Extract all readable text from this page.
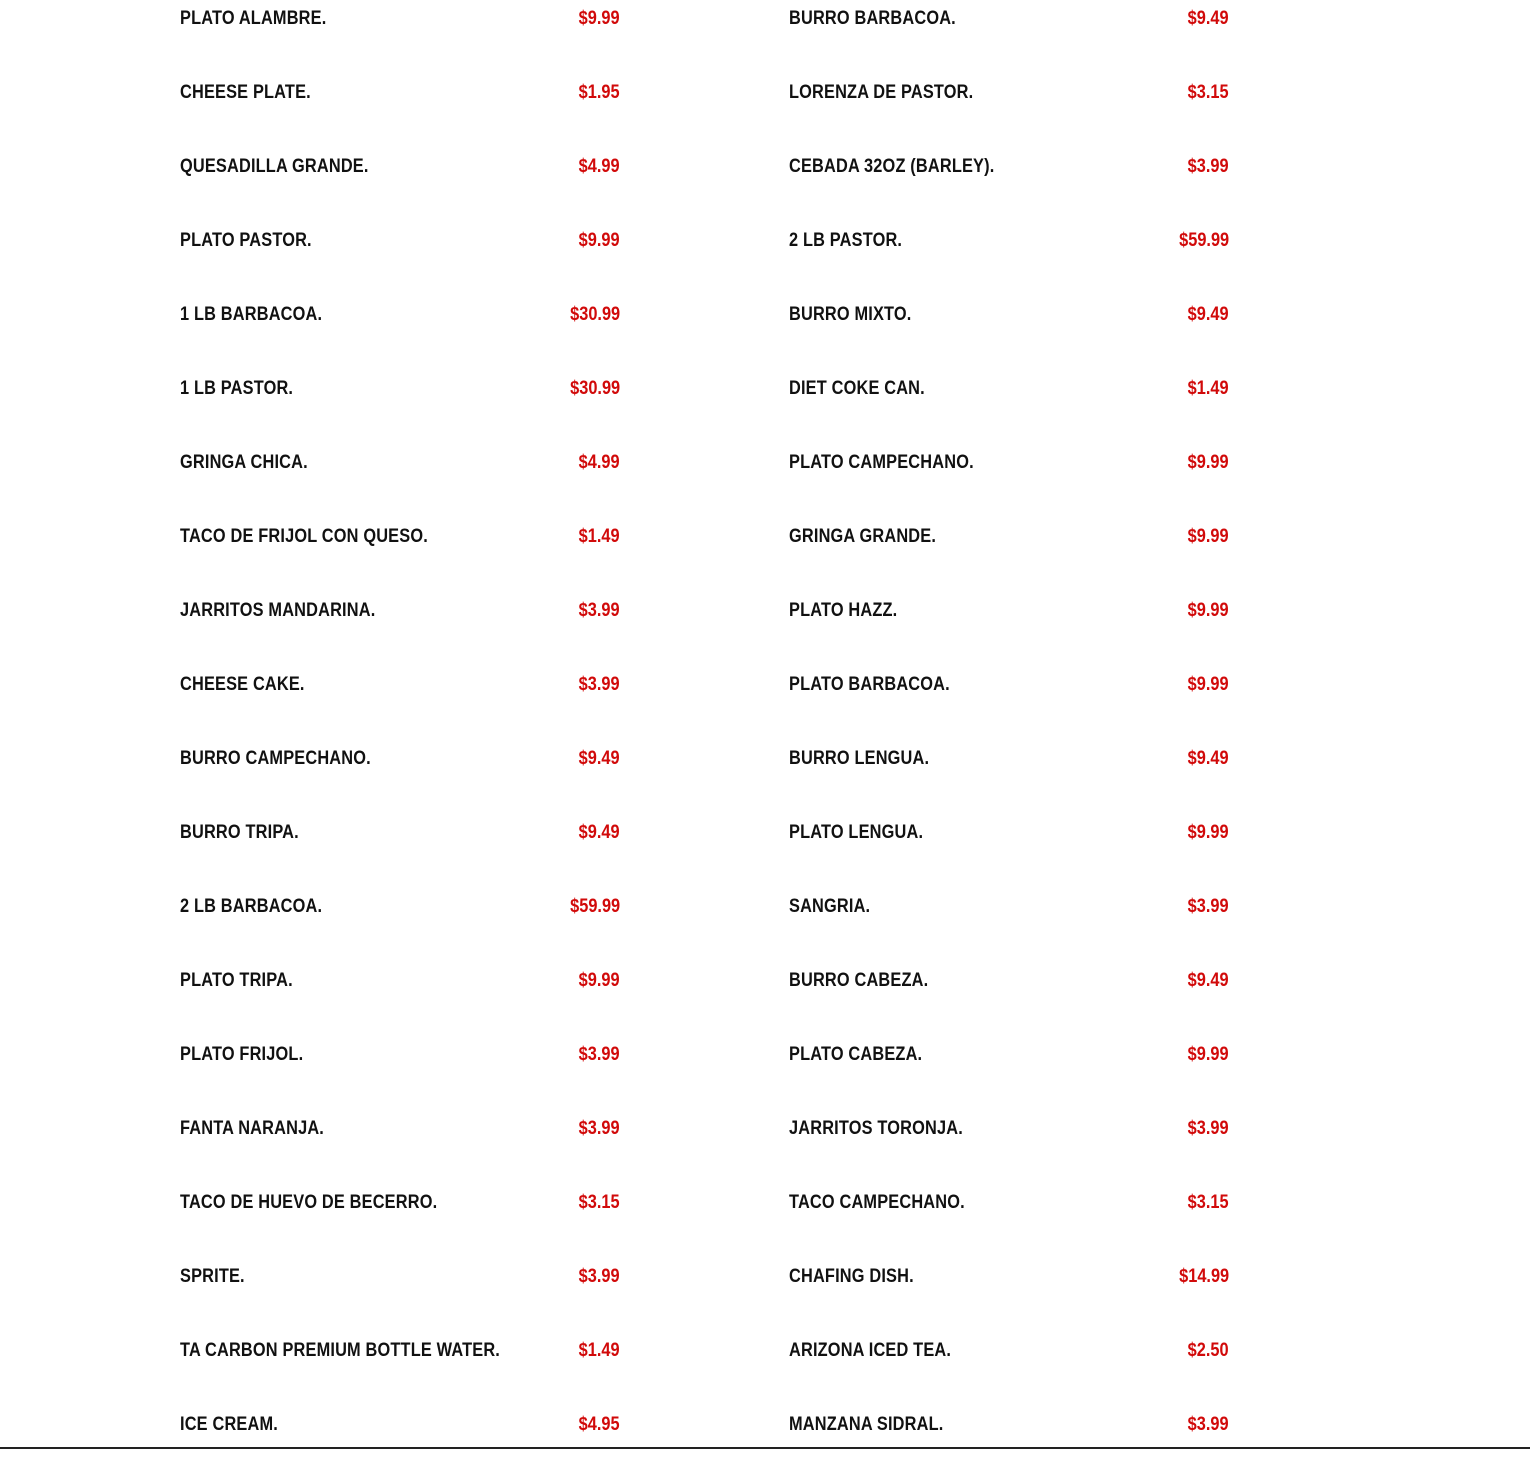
PLATO ALAMBRE.	$9.99
CHEESE PLATE.	$1.95
QUESADILLA GRANDE.	$4.99
PLATO PASTOR.	$9.99
1 LB BARBACOA.	$30.99
1 LB PASTOR.	$30.99
GRINGA CHICA.	$4.99
TACO DE FRIJOL CON QUESO.	$1.49
JARRITOS MANDARINA.	$3.99
CHEESE CAKE.	$3.99
BURRO CAMPECHANO.	$9.49
BURRO TRIPA.	$9.49
2 LB BARBACOA.	$59.99
PLATO TRIPA.	$9.99
PLATO FRIJOL.	$3.99
FANTA NARANJA.	$3.99
TACO DE HUEVO DE BECERRO.	$3.15
SPRITE.	$3.99
TA CARBON PREMIUM BOTTLE WATER.	$1.49
ICE CREAM.	$4.95
BURRO BARBACOA.	$9.49
LORENZA DE PASTOR.	$3.15
CEBADA 32OZ (BARLEY).	$3.99
2 LB PASTOR.	$59.99
BURRO MIXTO.	$9.49
DIET COKE CAN.	$1.49
PLATO CAMPECHANO.	$9.99
GRINGA GRANDE.	$9.99
PLATO HAZZ.	$9.99
PLATO BARBACOA.	$9.99
BURRO LENGUA.	$9.49
PLATO LENGUA.	$9.99
SANGRIA.	$3.99
BURRO CABEZA.	$9.49
PLATO CABEZA.	$9.99
JARRITOS TORONJA.	$3.99
TACO CAMPECHANO.	$3.15
CHAFING DISH.	$14.99
ARIZONA ICED TEA.	$2.50
MANZANA SIDRAL.	$3.99
